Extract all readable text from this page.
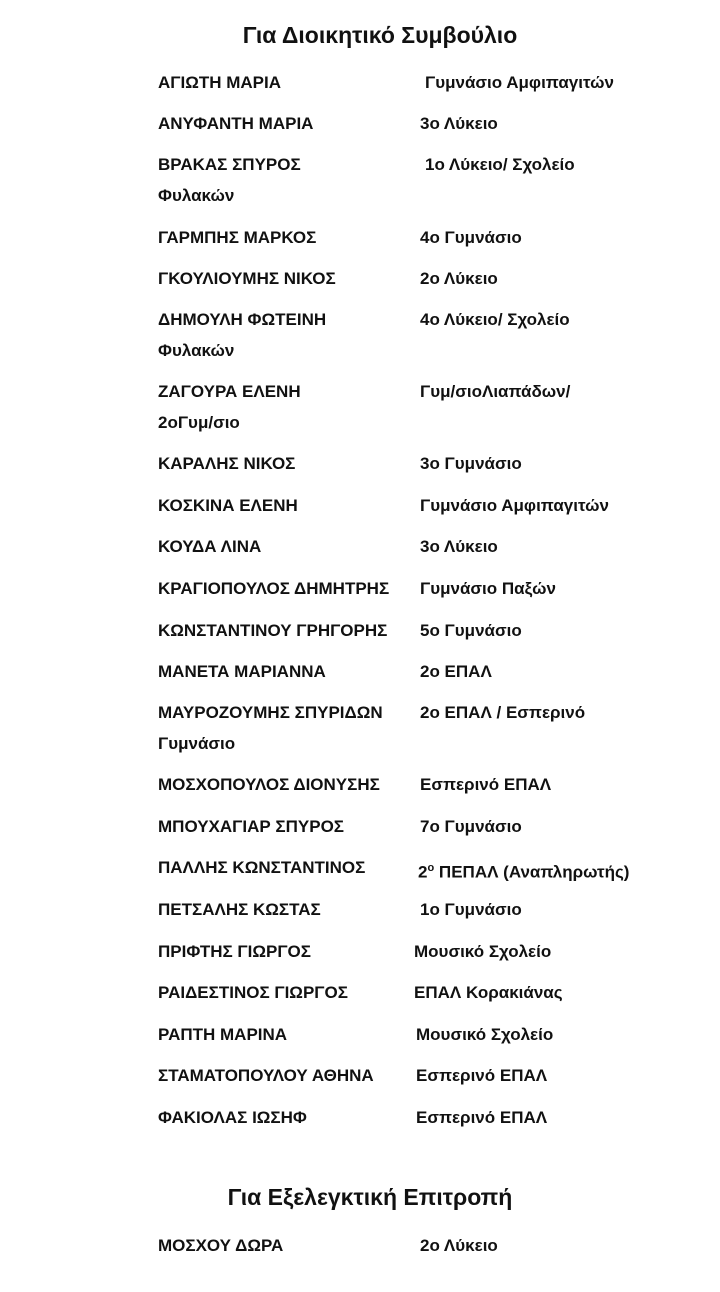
Για Διοικητικό Συμβούλιο
ΑΓΙΩΤΗ ΜΑΡΙΑ	Γυμνάσιο Αμφιπαγιτών
ΑΝΥΦΑΝΤΗ ΜΑΡΙΑ	3ο Λύκειο
ΒΡΑΚΑΣ ΣΠΥΡΟΣ	1ο Λύκειο/ Σχολείο
Φυλακών
ΓΑΡΜΠΗΣ ΜΑΡΚΟΣ	4ο Γυμνάσιο
ΓΚΟΥΛΙΟΥΜΗΣ ΝΙΚΟΣ	2ο Λύκειο
ΔΗΜΟΥΛΗ ΦΩΤΕΙΝΗ	4ο Λύκειο/ Σχολείο
Φυλακών
ΖΑΓΟΥΡΑ ΕΛΕΝΗ	Γυμ/σιοΛιαπάδων/
2οΓυμ/σιο
ΚΑΡΑΛΗΣ ΝΙΚΟΣ	3ο Γυμνάσιο
ΚΟΣΚΙΝΑ ΕΛΕΝΗ	Γυμνάσιο Αμφιπαγιτών
ΚΟΥΔΑ ΛΙΝΑ	3ο Λύκειο
ΚΡΑΓΙΟΠΟΥΛΟΣ ΔΗΜΗΤΡΗΣ Γυμνάσιο Παξών
ΚΩΝΣΤΑΝΤΙΝΟΥ ΓΡΗΓΟΡΗΣ 5ο Γυμνάσιο
ΜΑΝΕΤΑ ΜΑΡΙΑΝΝΑ	2ο ΕΠΑΛ
ΜΑΥΡΟΖΟΥΜΗΣ ΣΠΥΡΙΔΩΝ 2ο ΕΠΑΛ / Εσπερινό
Γυμνάσιο
ΜΟΣΧΟΠΟΥΛΟΣ ΔΙΟΝΥΣΗΣ Εσπερινό ΕΠΑΛ
ΜΠΟΥΧΑΓΙΑΡ ΣΠΥΡΟΣ	7ο Γυμνάσιο
ΠΑΛΛΗΣ ΚΩΝΣΤΑΝΤΙΝΟΣ	$2^o$ ΠΕΠΑΛ (Αναπληρωτής)
ΠΕΤΣΑΛΗΣ ΚΩΣΤΑΣ	1ο Γυμνάσιο
ΠΡΙΦΤΗΣ ΓΙΩΡΓΟΣ	Μουσικό Σχολείο
ΡΑΙΔΕΣΤΙΝΟΣ ΓΙΩΡΓΟΣ	ΕΠΑΛ Κορακιάνας
ΡΑΠΤΗ ΜΑΡΙΝΑ	Μουσικό Σχολείο
ΣΤΑΜΑΤΟΠΟΥΛΟΥ ΑΘΗΝΑ Εσπερινό ΕΠΑΛ
ΦΑΚΙΟΛΑΣ ΙΩΣΗΦ	Εσπερινό ΕΠΑΛ
Για Εξελεγκτική Επιτροπή
ΜΟΣΧΟΥ ΔΩΡΑ	2ο Λύκειο
